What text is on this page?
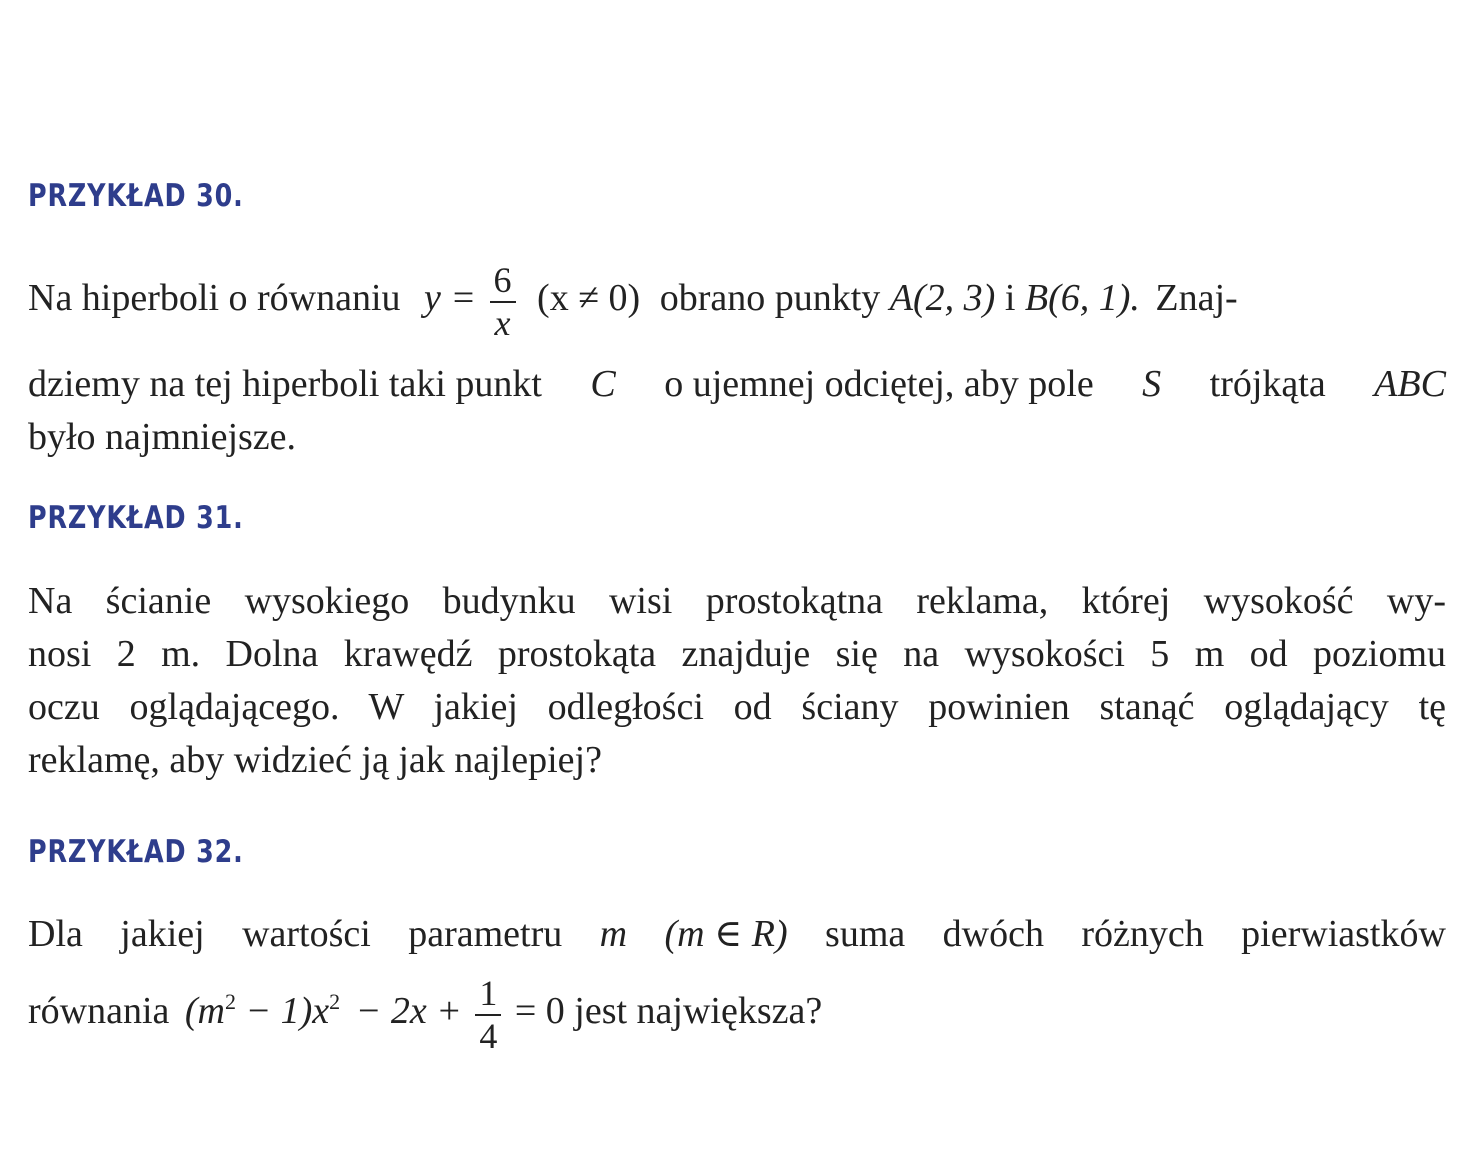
PRZYKŁAD 30.
Na hiperboli o równaniu $y = \frac{6}{x} (x \ne 0)$ obrano punkty A(2, 3) i B(6, 1). Znaj-
dziemy na tej hiperboli taki punkt C o ujemnej odciętej, aby pole S trójkąta ABC
było najmniejsze.
PRZYKŁAD 31.
Na ścianie wysokiego budynku wisi prostokątna reklama, której wysokość wy-
nosi 2 m. Dolna krawędź prostokąta znajduje się na wysokości 5 m od poziomu
oczu oglądającego. W jakiej odległości od ściany powinien stanąć oglądający tę
reklamę, aby widzieć ją jak najlepiej?
PRZYKŁAD 32.
Dla jakiej wartości parametru m (m ∈ R) suma dwóch różnych pierwiastków
równania $(m^2 - 1)x^2 - 2x + \frac{1}{4} = 0$ jest największa?
